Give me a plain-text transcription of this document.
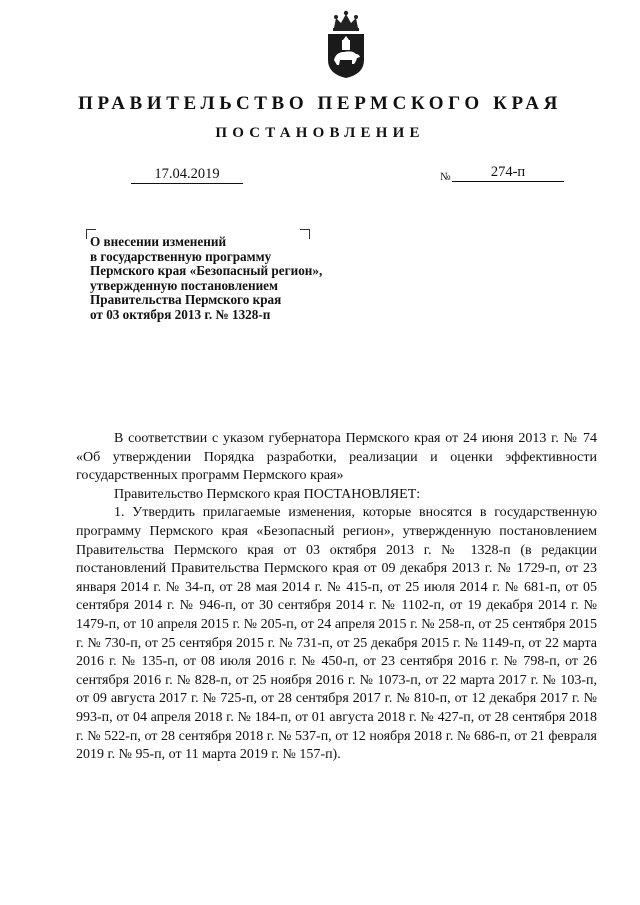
ПРАВИТЕЛЬСТВО ПЕРМСКОГО КРАЯ
ПОСТАНОВЛЕНИЕ
17.04.2019	№	274-п
О внесении изменений
в государственную программу
Пермского края «Безопасный регион»,
утвержденную постановлением
Правительства Пермского края
от 03 октября 2013 г. № 1328-п

В соответствии с указом губернатора Пермского края от 24 июня 2013 г. № 74 «Об утверждении Порядка разработки, реализации и оценки эффективности государственных программ Пермского края»

Правительство Пермского края ПОСТАНОВЛЯЕТ:

1. Утвердить прилагаемые изменения, которые вносятся в государственную программу Пермского края «Безопасный регион», утвержденную постановлением Правительства Пермского края от 03 октября 2013 г. № 1328-п (в редакции постановлений Правительства Пермского края от 09 декабря 2013 г. № 1729-п, от 23 января 2014 г. № 34-п, от 28 мая 2014 г. № 415-п, от 25 июля 2014 г. № 681-п, от 05 сентября 2014 г. № 946-п, от 30 сентября 2014 г. № 1102-п, от 19 декабря 2014 г. № 1479-п, от 10 апреля 2015 г. № 205-п, от 24 апреля 2015 г. № 258-п, от 25 сентября 2015 г. № 730-п, от 25 сентября 2015 г. № 731-п, от 25 декабря 2015 г. № 1149-п, от 22 марта 2016 г. № 135-п, от 08 июля 2016 г. № 450-п, от 23 сентября 2016 г. № 798-п, от 26 сентября 2016 г. № 828-п, от 25 ноября 2016 г. № 1073-п, от 22 марта 2017 г. № 103-п, от 09 августа 2017 г. № 725-п, от 28 сентября 2017 г. № 810-п, от 12 декабря 2017 г. № 993-п, от 04 апреля 2018 г. № 184-п, от 01 августа 2018 г. № 427-п, от 28 сентября 2018 г. № 522-п, от 28 сентября 2018 г. № 537-п, от 12 ноября 2018 г. № 686-п, от 21 февраля 2019 г. № 95-п, от 11 марта 2019 г. № 157-п).
